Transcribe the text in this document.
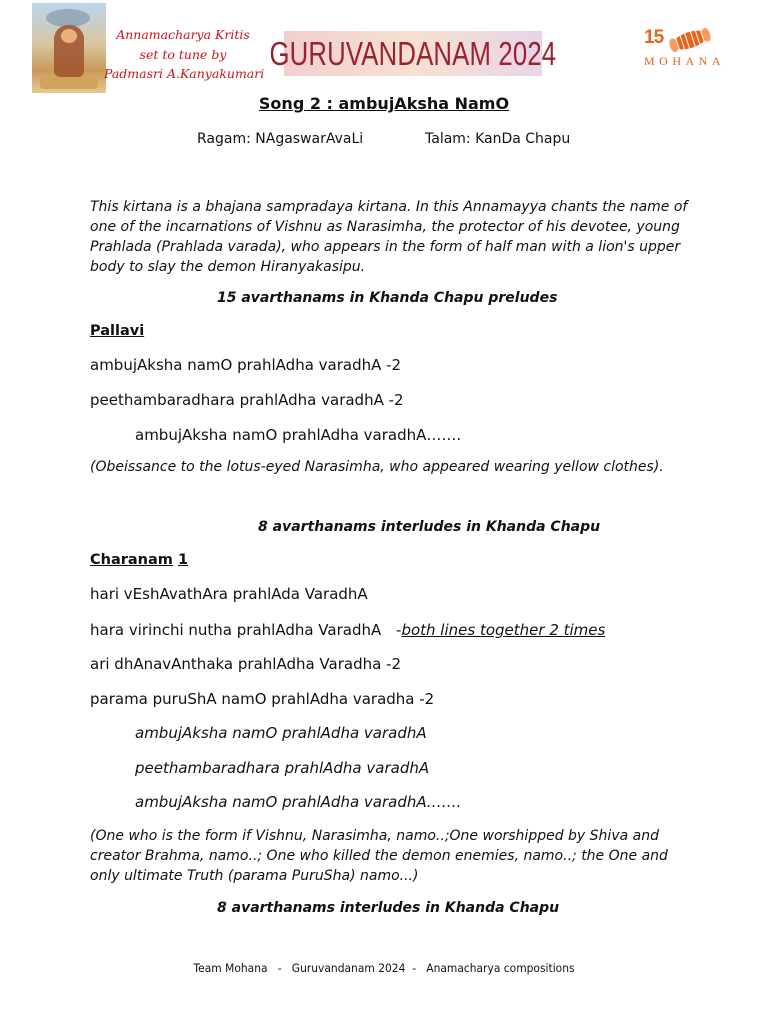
Annamacharya Kritis
set to tune by
Padmasri A.Kanyakumari
GURUVANDANAM 2024	15
MOHANA
Song 2 : ambujAksha NamO
Ragam: NAgaswarAvaLi	Talam: KanDa Chapu
This kirtana is a bhajana sampradaya kirtana. In this Annamayya chants the name of one of the incarnations of Vishnu as Narasimha, the protector of his devotee, young Prahlada (Prahlada varada), who appears in the form of half man with a lion's upper body to slay the demon Hiranyakasipu.
15 avarthanams in Khanda Chapu preludes
Pallavi
ambujAksha namO prahlAdha varadhA -2
peethambaradhara prahlAdha varadhA -2
ambujAksha namO prahlAdha varadhA…….
(Obeissance to the lotus-eyed Narasimha, who appeared wearing yellow clothes).
8 avarthanams interludes in Khanda Chapu
Charanam 1
hari vEshAvathAra prahlAda VaradhA
hara virinchi nutha prahlAdha VaradhA -both lines together 2 times
ari dhAnavAnthaka prahlAdha Varadha -2
parama puruShA namO prahlAdha varadha -2
ambujAksha namO prahlAdha varadhA
peethambaradhara prahlAdha varadhA
ambujAksha namO prahlAdha varadhA…….
(One who is the form if Vishnu, Narasimha, namo..;One worshipped by Shiva and creator Brahma, namo..; One who killed the demon enemies, namo..; the One and only ultimate Truth (parama PuruSha) namo...)
8 avarthanams interludes in Khanda Chapu
Team Mohana   -   Guruvandanam 2024  -   Anamacharya compositions
